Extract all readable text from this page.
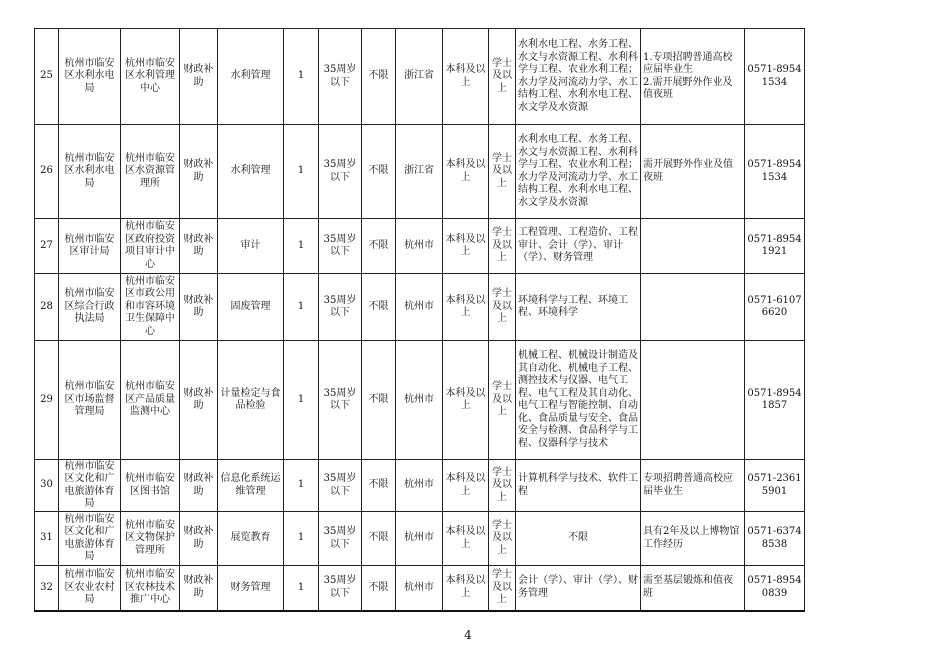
25	杭州市临安区水利水电局	杭州市临安区水利管理中心	财政补助	水利管理	1	35周岁以下	不限	浙江省	本科及以上	学士及以上	水利水电工程、水务工程、水文与水资源工程、水利科学与工程、农业水利工程；水力学及河流动力学、水工结构工程、水利水电工程、水文学及水资源	1.专项招聘普通高校应届毕业生
2.需开展野外作业及值夜班	0571-89541534
26	杭州市临安区水利水电局	杭州市临安区水资源管理所	财政补助	水利管理	1	35周岁以下	不限	浙江省	本科及以上	学士及以上	水利水电工程、水务工程、水文与水资源工程、水利科学与工程、农业水利工程；水力学及河流动力学、水工结构工程、水利水电工程、水文学及水资源	需开展野外作业及值夜班	0571-89541534
27	杭州市临安区审计局	杭州市临安区政府投资项目审计中心	财政补助	审计	1	35周岁以下	不限	杭州市	本科及以上	学士及以上	工程管理、工程造价、工程审计、会计（学）、审计（学）、财务管理		0571-89541921
28	杭州市临安区综合行政执法局	杭州市临安区市政公用和市容环境卫生保障中心	财政补助	固废管理	1	35周岁以下	不限	杭州市	本科及以上	学士及以上	环境科学与工程、环境工程、环境科学		0571-61076620
29	杭州市临安区市场监督管理局	杭州市临安区产品质量监测中心	财政补助	计量检定与食品检验	1	35周岁以下	不限	杭州市	本科及以上	学士及以上	机械工程、机械设计制造及其自动化、机械电子工程、测控技术与仪器、电气工程、电气工程及其自动化、电气工程与智能控制、自动化、食品质量与安全、食品安全与检测、食品科学与工程、仪器科学与技术		0571-89541857
30	杭州市临安区文化和广电旅游体育局	杭州市临安区图书馆	财政补助	信息化系统运维管理	1	35周岁以下	不限	杭州市	本科及以上	学士及以上	计算机科学与技术、软件工程	专项招聘普通高校应届毕业生	0571-23615901
31	杭州市临安区文化和广电旅游体育局	杭州市临安区文物保护管理所	财政补助	展览教育	1	35周岁以下	不限	杭州市	本科及以上	学士及以上	不限	具有2年及以上博物馆工作经历	0571-63748538
32	杭州市临安区农业农村局	杭州市临安区农林技术推广中心	财政补助	财务管理	1	35周岁以下	不限	杭州市	本科及以上	学士及以上	会计（学）、审计（学）、财务管理	需至基层锻炼和值夜班	0571-89540839
4
